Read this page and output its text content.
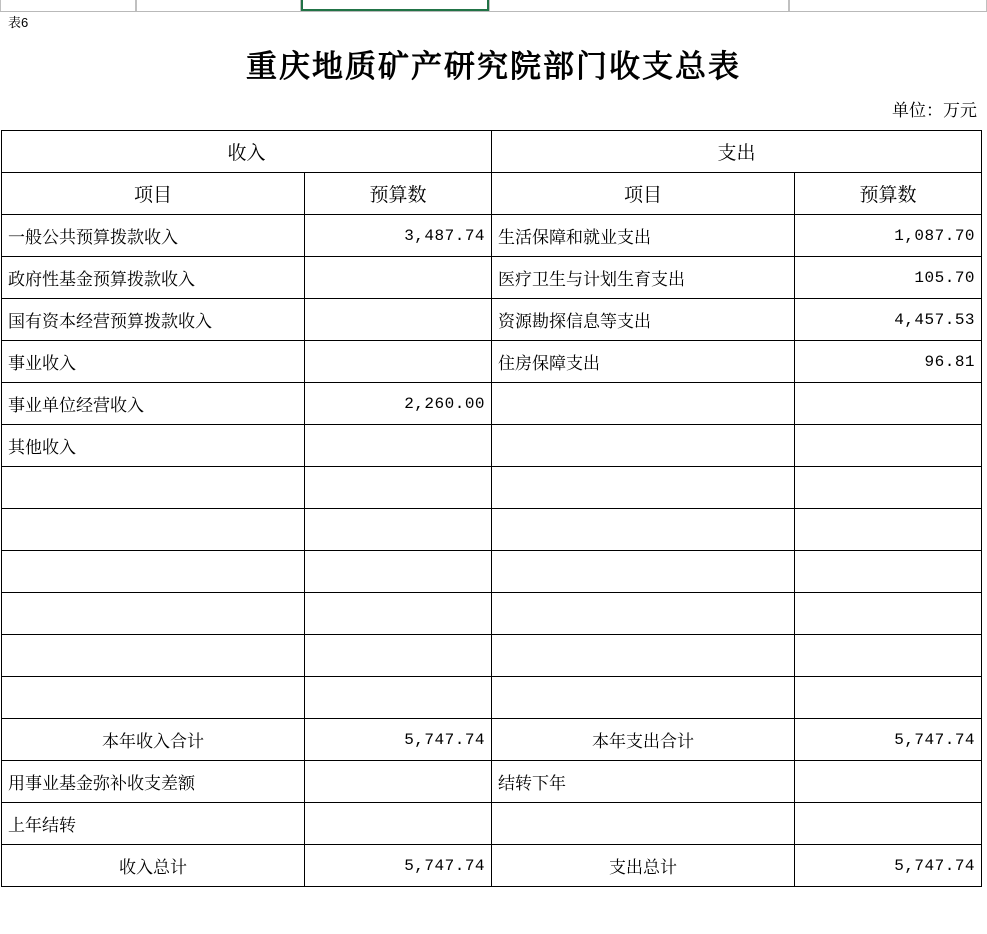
表6
重庆地质矿产研究院部门收支总表
单位：万元
收入		支出	
项目	预算数	项目	预算数
一般公共预算拨款收入	3,487.74	生活保障和就业支出	1,087.70
政府性基金预算拨款收入		医疗卫生与计划生育支出	105.70
国有资本经营预算拨款收入		资源勘探信息等支出	4,457.53
事业收入		住房保障支出	96.81
事业单位经营收入	2,260.00		
其他收入			

本年收入合计	5,747.74	本年支出合计	5,747.74
用事业基金弥补收支差额		结转下年	
上年结转			
收入总计	5,747.74	支出总计	5,747.74
